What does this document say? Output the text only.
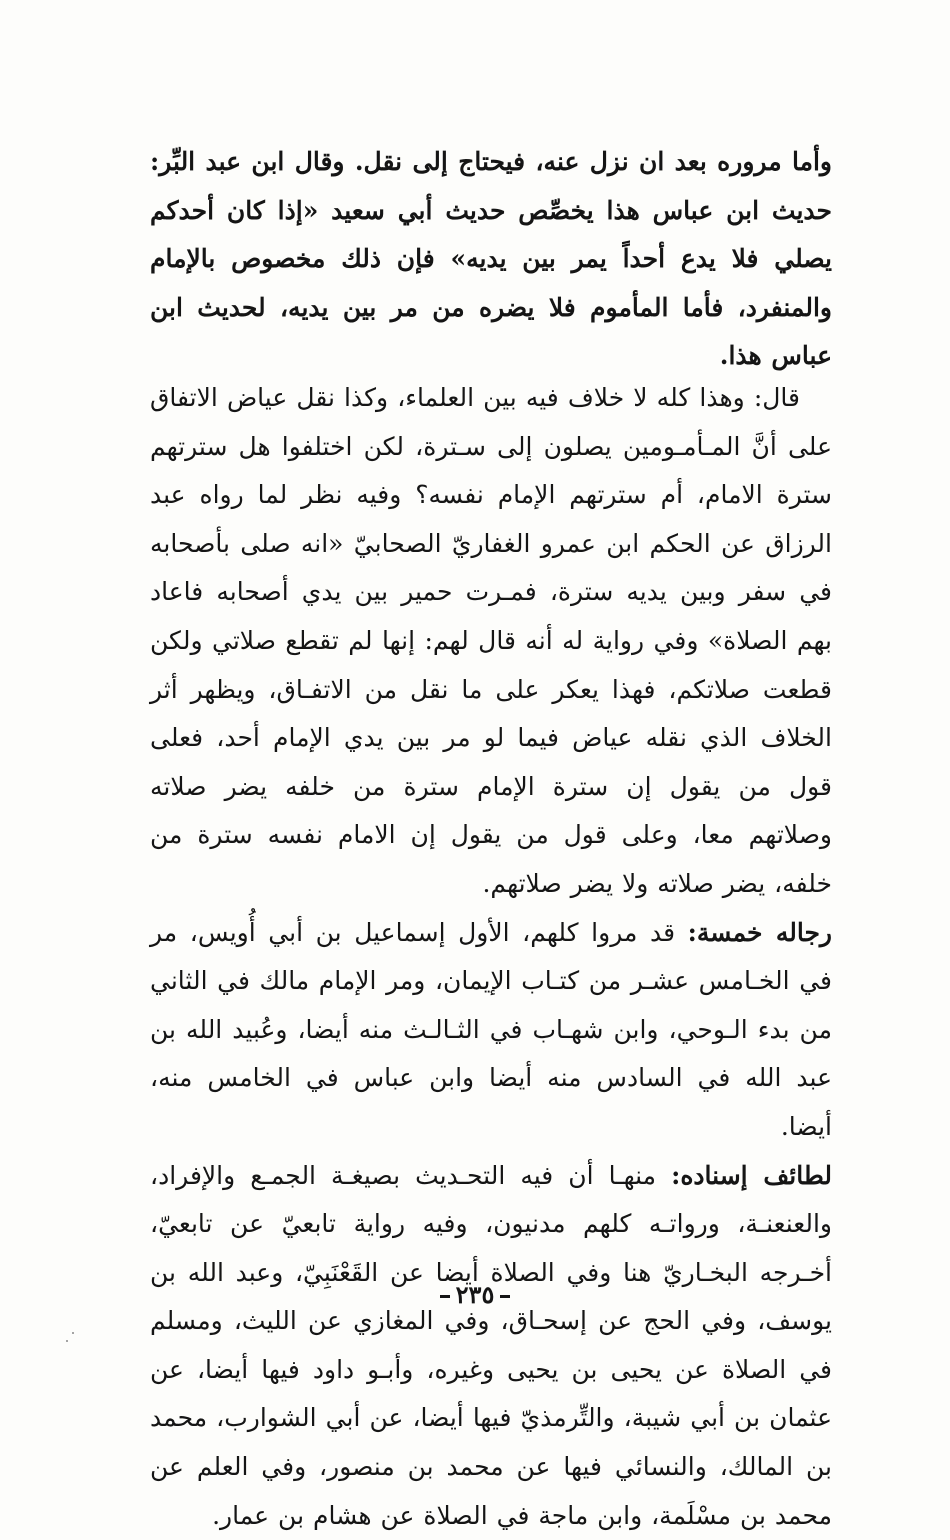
وأما مروره بعد ان نزل عنه، فيحتاج إلى نقل. وقال ابن عبد البِّر: حديث ابن عباس هذا يخصِّص حديث أبي سعيد «إذا كان أحدكم يصلي فلا يدع أحداً يمر بين يديه» فإن ذلك مخصوص بالإمام والمنفرد، فأما المأموم فلا يضره من مر بين يديه، لحديث ابن عباس هذا.

قال: وهذا كله لا خلاف فيه بين العلماء، وكذا نقل عياض الاتفاق على أنَّ المـأمـومين يصلون إلى سـترة، لكن اختلفوا هل سترتهم سترة الامام، أم سترتهم الإمام نفسه؟ وفيه نظر لما رواه عبد الرزاق عن الحكم ابن عمرو الغفاريّ الصحابيّ «انه صلى بأصحابه في سفر وبين يديه سترة، فمـرت حمير بين يدي أصحابه فاعاد بهم الصلاة» وفي رواية له أنه قال لهم: إنها لم تقطع صلاتي ولكن قطعت صلاتكم، فهذا يعكر على ما نقل من الاتفـاق، ويظهر أثر الخلاف الذي نقله عياض فيما لو مر بين يدي الإمام أحد، فعلى قول من يقول إن سترة الإمام سترة من خلفه يضر صلاته وصلاتهم معا، وعلى قول من يقول إن الامام نفسه سترة من خلفه، يضر صلاته ولا يضر صلاتهم.

رجاله خمسة: قد مروا كلهم، الأول إسماعيل بن أبي أُويس، مر في الخـامس عشـر من كتـاب الإيمان، ومر الإمام مالك في الثاني من بدء الـوحي، وابن شهـاب في الثـالـث منه أيضا، وعُبيد الله بن عبد الله في السادس منه أيضا وابن عباس في الخامس منه، أيضا.

لطائف إسناده: منهـا أن فيه التحـديث بصيغـة الجمـع والإفراد، والعنعنـة، ورواتـه كلهم مدنيون، وفيه رواية تابعيّ عن تابعيّ، أخـرجه البخـاريّ هنا وفي الصلاة أيضا عن القَعْنَبِيّ، وعبد الله بن يوسف، وفي الحج عن إسحـاق، وفي المغازي عن الليث، ومسلم في الصلاة عن يحيى بن يحيى وغيره، وأبـو داود فيها أيضا، عن عثمان بن أبي شيبة، والتِّرمذيّ فيها أيضا، عن أبي الشوارب، محمد بن المالك، والنسائي فيها عن محمد بن منصور، وفي العلم عن محمد بن مسْلَمة، وابن ماجة في الصلاة عن هشام بن عمار.

٢٣٥
